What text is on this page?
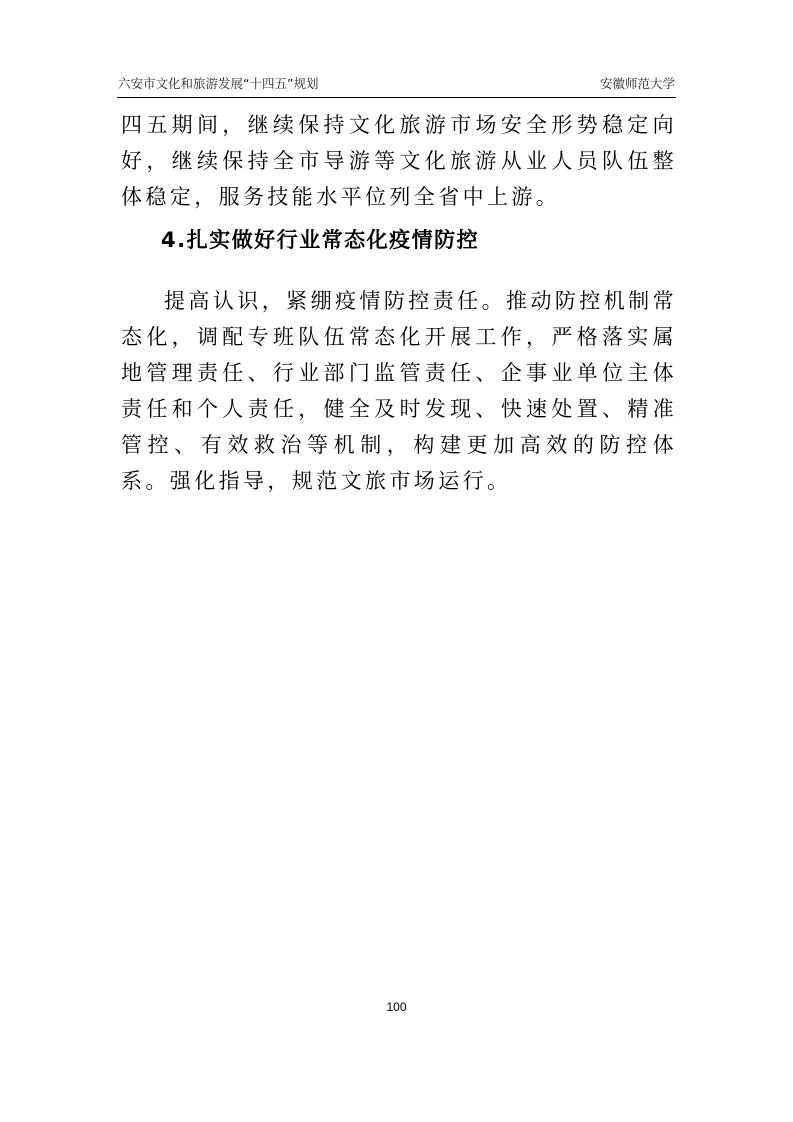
六安市文化和旅游发展“十四五”规划	安徽师范大学
四五期间，继续保持文化旅游市场安全形势稳定向好，继续保持全市导游等文化旅游从业人员队伍整体稳定，服务技能水平位列全省中上游。
4.扎实做好行业常态化疫情防控
提高认识，紧绷疫情防控责任。推动防控机制常态化，调配专班队伍常态化开展工作，严格落实属地管理责任、行业部门监管责任、企事业单位主体责任和个人责任，健全及时发现、快速处置、精准管控、有效救治等机制，构建更加高效的防控体系。强化指导，规范文旅市场运行。
100
